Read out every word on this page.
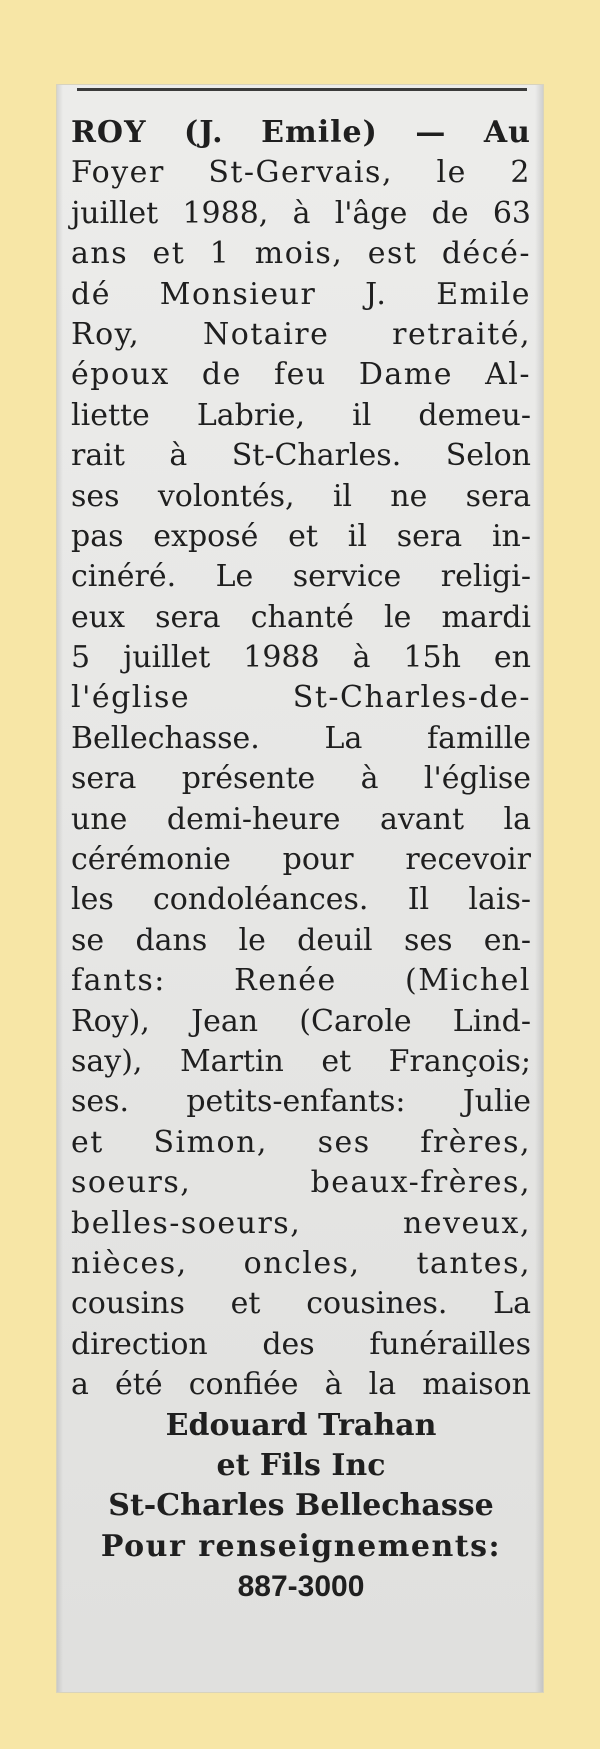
ROY (J. Emile) — Au
Foyer St-Gervais, le 2
juillet 1988, à l'âge de 63
ans et 1 mois, est décé-
dé Monsieur J. Emile
Roy, Notaire retraité,
époux de feu Dame Al-
liette Labrie, il demeu-
rait à St-Charles. Selon
ses volontés, il ne sera
pas exposé et il sera in-
cinéré. Le service religi-
eux sera chanté le mardi
5 juillet 1988 à 15h en
l'église St-Charles-de-
Bellechasse. La famille
sera présente à l'église
une demi-heure avant la
cérémonie pour recevoir
les condoléances. Il lais-
se dans le deuil ses en-
fants: Renée (Michel
Roy), Jean (Carole Lind-
say), Martin et François;
ses. petits-enfants: Julie
et Simon, ses frères,
soeurs, beaux-frères,
belles-soeurs, neveux,
nièces, oncles, tantes,
cousins et cousines. La
direction des funérailles
a été confiée à la maison
Edouard Trahan
et Fils Inc
St-Charles Bellechasse
Pour renseignements:
887-3000
